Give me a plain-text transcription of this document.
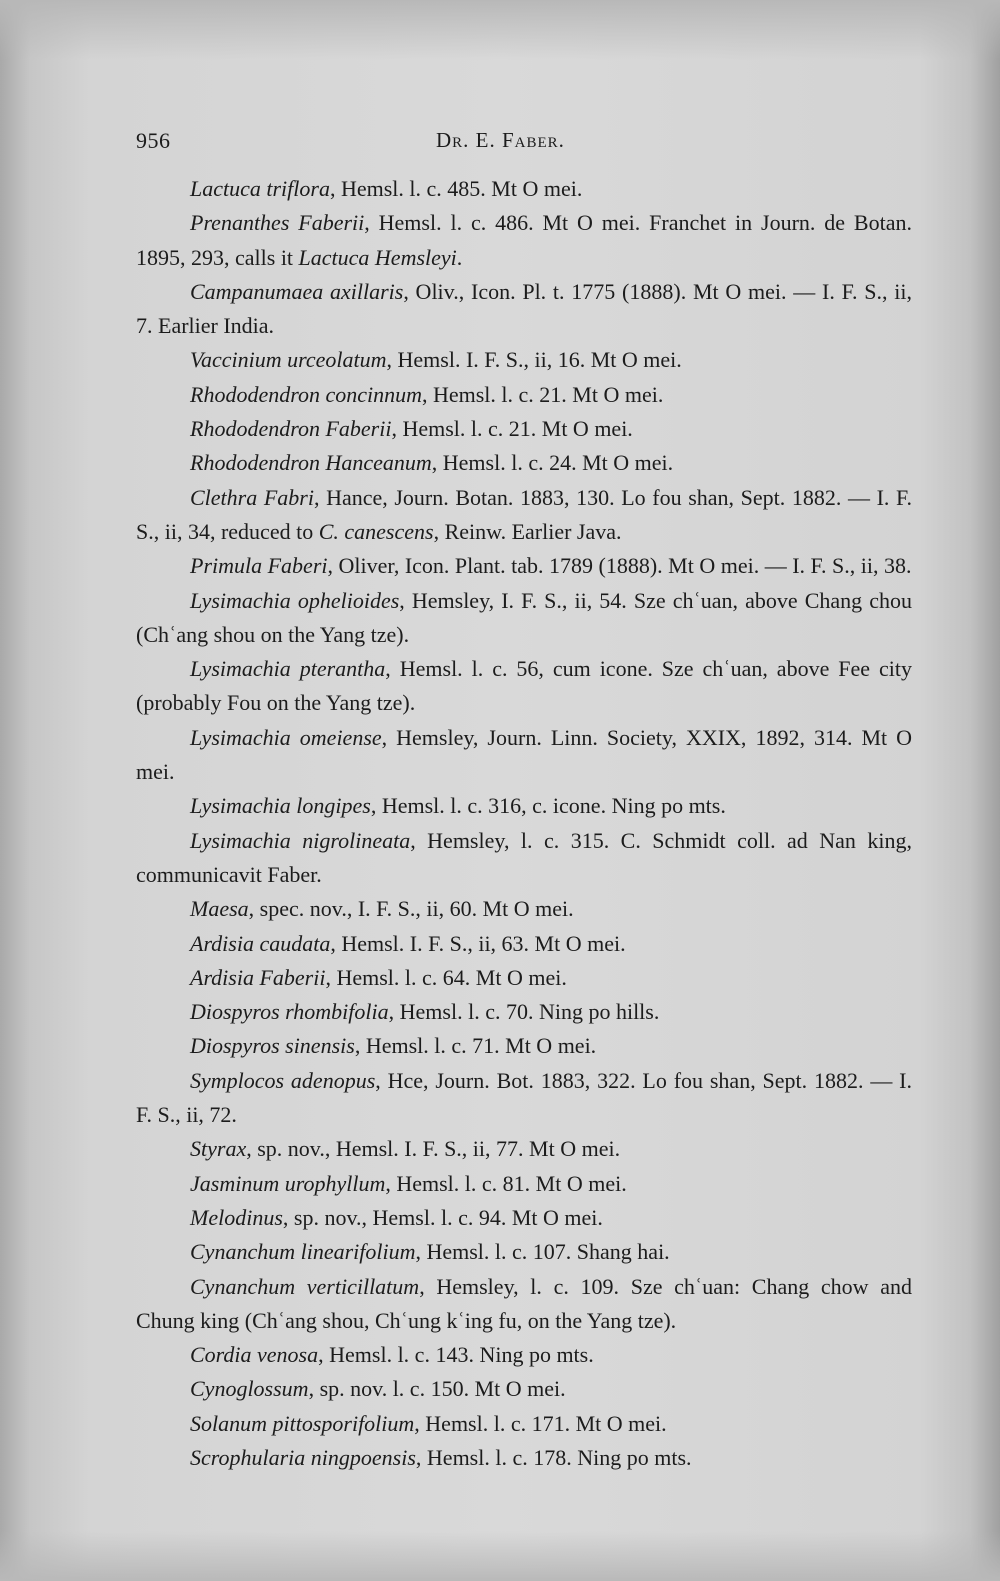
956	Dr. E. Faber.

Lactuca triflora, Hemsl. l. c. 485. Mt O mei.

Prenanthes Faberii, Hemsl. l. c. 486. Mt O mei. Franchet in Journ. de Botan. 1895, 293, calls it Lactuca Hemsleyi.

Campanumaea axillaris, Oliv., Icon. Pl. t. 1775 (1888). Mt O mei. — I. F. S., ii, 7. Earlier India.

Vaccinium urceolatum, Hemsl. I. F. S., ii, 16. Mt O mei.

Rhododendron concinnum, Hemsl. l. c. 21. Mt O mei.

Rhododendron Faberii, Hemsl. l. c. 21. Mt O mei.

Rhododendron Hanceanum, Hemsl. l. c. 24. Mt O mei.

Clethra Fabri, Hance, Journ. Botan. 1883, 130. Lo fou shan, Sept. 1882. — I. F. S., ii, 34, reduced to C. canescens, Reinw. Earlier Java.

Primula Faberi, Oliver, Icon. Plant. tab. 1789 (1888). Mt O mei. — I. F. S., ii, 38.

Lysimachia ophelioides, Hemsley, I. F. S., ii, 54. Sze chʿuan, above Chang chou (Chʿang shou on the Yang tze).

Lysimachia pterantha, Hemsl. l. c. 56, cum icone. Sze chʿuan, above Fee city (probably Fou on the Yang tze).

Lysimachia omeiense, Hemsley, Journ. Linn. Society, XXIX, 1892, 314. Mt O mei.

Lysimachia longipes, Hemsl. l. c. 316, c. icone. Ning po mts.

Lysimachia nigrolineata, Hemsley, l. c. 315. C. Schmidt coll. ad Nan king, communicavit Faber.

Maesa, spec. nov., I. F. S., ii, 60. Mt O mei.

Ardisia caudata, Hemsl. I. F. S., ii, 63. Mt O mei.

Ardisia Faberii, Hemsl. l. c. 64. Mt O mei.

Diospyros rhombifolia, Hemsl. l. c. 70. Ning po hills.

Diospyros sinensis, Hemsl. l. c. 71. Mt O mei.

Symplocos adenopus, Hce, Journ. Bot. 1883, 322. Lo fou shan, Sept. 1882. — I. F. S., ii, 72.

Styrax, sp. nov., Hemsl. I. F. S., ii, 77. Mt O mei.

Jasminum urophyllum, Hemsl. l. c. 81. Mt O mei.

Melodinus, sp. nov., Hemsl. l. c. 94. Mt O mei.

Cynanchum linearifolium, Hemsl. l. c. 107. Shang hai.

Cynanchum verticillatum, Hemsley, l. c. 109. Sze chʿuan: Chang chow and Chung king (Chʿang shou, Chʿung kʿing fu, on the Yang tze).

Cordia venosa, Hemsl. l. c. 143. Ning po mts.

Cynoglossum, sp. nov. l. c. 150. Mt O mei.

Solanum pittosporifolium, Hemsl. l. c. 171. Mt O mei.

Scrophularia ningpoensis, Hemsl. l. c. 178. Ning po mts.
